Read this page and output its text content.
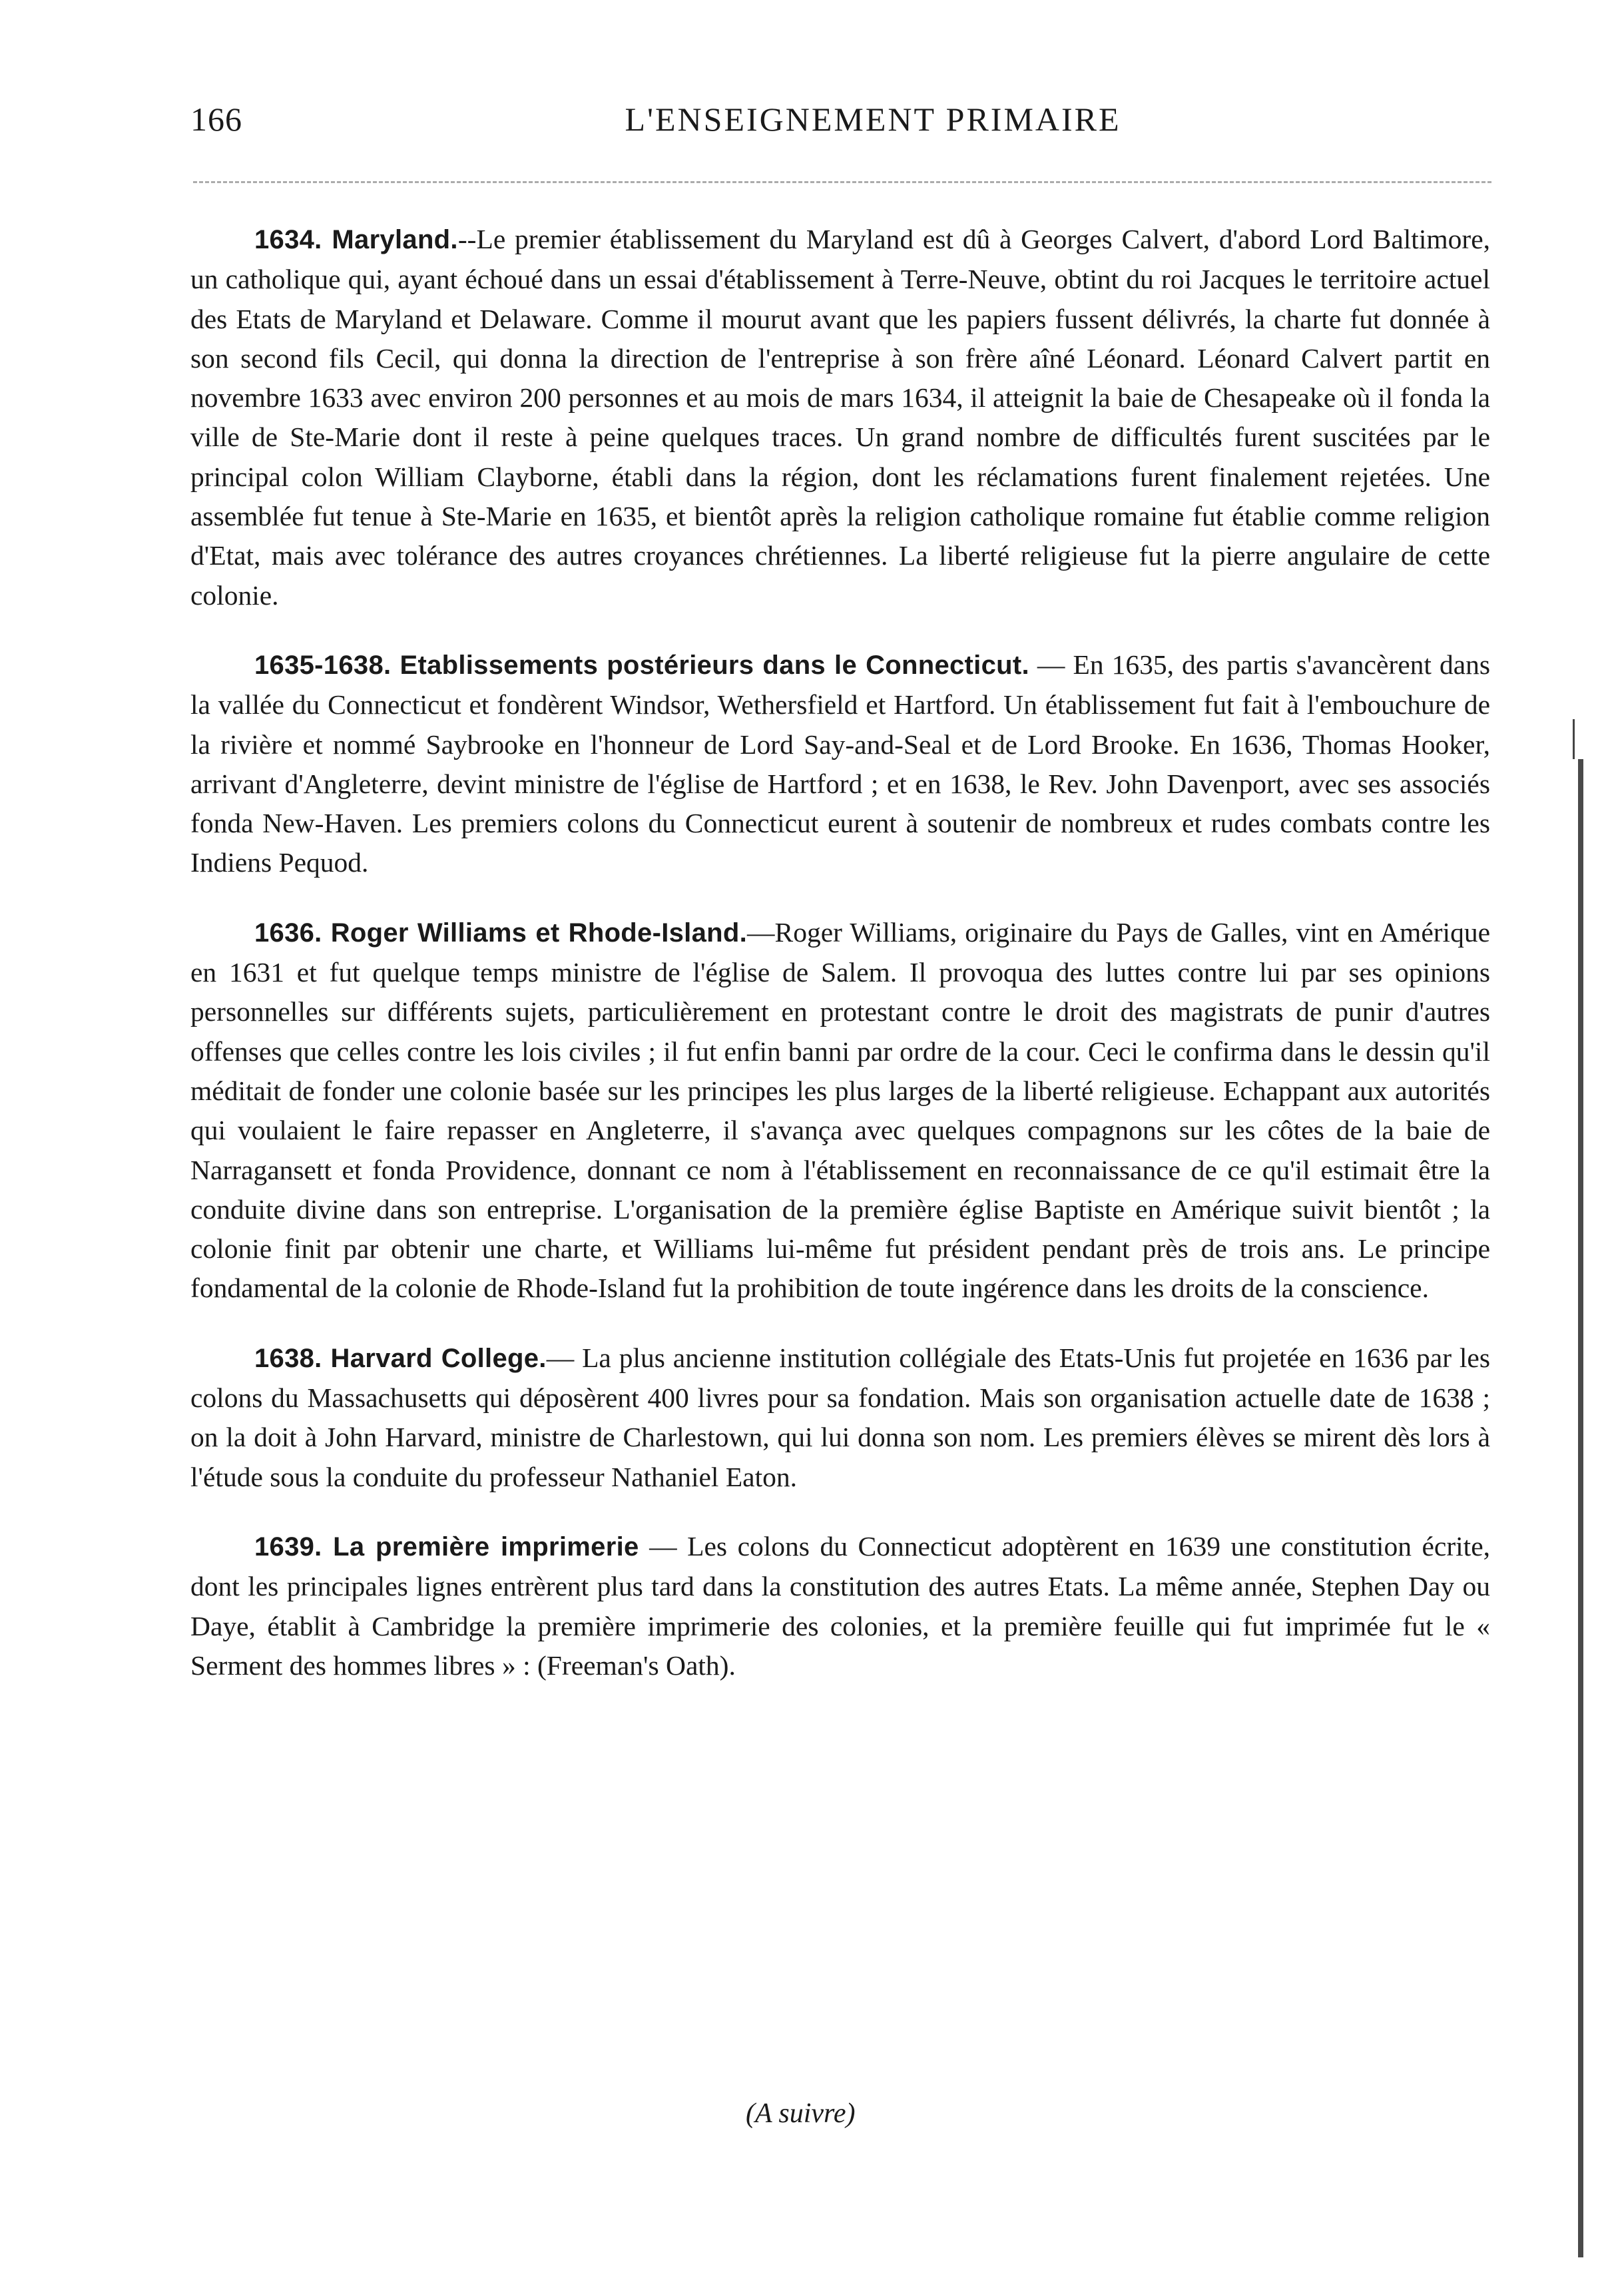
166	L'ENSEIGNEMENT PRIMAIRE

1634. Maryland.--Le premier établissement du Maryland est dû à Georges Calvert, d'abord Lord Baltimore, un catholique qui, ayant échoué dans un essai d'établissement à Terre-Neuve, obtint du roi Jacques le territoire actuel des Etats de Maryland et Delaware. Comme il mourut avant que les papiers fussent délivrés, la charte fut donnée à son second fils Cecil, qui donna la direction de l'entreprise à son frère aîné Léonard. Léonard Calvert partit en novembre 1633 avec environ 200 personnes et au mois de mars 1634, il atteignit la baie de Chesapeake où il fonda la ville de Ste-Marie dont il reste à peine quelques traces. Un grand nombre de difficultés furent suscitées par le principal colon William Clayborne, établi dans la région, dont les réclamations furent finalement rejetées. Une assemblée fut tenue à Ste-Marie en 1635, et bientôt après la religion catholique romaine fut établie comme religion d'Etat, mais avec tolérance des autres croyances chrétiennes. La liberté religieuse fut la pierre angulaire de cette colonie.

1635-1638. Etablissements postérieurs dans le Connecticut. — En 1635, des partis s'avancèrent dans la vallée du Connecticut et fondèrent Windsor, Wethersfield et Hartford. Un établissement fut fait à l'embouchure de la rivière et nommé Saybrooke en l'honneur de Lord Say-and-Seal et de Lord Brooke. En 1636, Thomas Hooker, arrivant d'Angleterre, devint ministre de l'église de Hartford ; et en 1638, le Rev. John Davenport, avec ses associés fonda New-Haven. Les premiers colons du Connecticut eurent à soutenir de nombreux et rudes combats contre les Indiens Pequod.

1636. Roger Williams et Rhode-Island.—Roger Williams, originaire du Pays de Galles, vint en Amérique en 1631 et fut quelque temps ministre de l'église de Salem. Il provoqua des luttes contre lui par ses opinions personnelles sur différents sujets, particulièrement en protestant contre le droit des magistrats de punir d'autres offenses que celles contre les lois civiles ; il fut enfin banni par ordre de la cour. Ceci le confirma dans le dessin qu'il méditait de fonder une colonie basée sur les principes les plus larges de la liberté religieuse. Echappant aux autorités qui voulaient le faire repasser en Angleterre, il s'avança avec quelques compagnons sur les côtes de la baie de Narragansett et fonda Providence, donnant ce nom à l'établissement en reconnaissance de ce qu'il estimait être la conduite divine dans son entreprise. L'organisation de la première église Baptiste en Amérique suivit bientôt ; la colonie finit par obtenir une charte, et Williams lui-même fut président pendant près de trois ans. Le principe fondamental de la colonie de Rhode-Island fut la prohibition de toute ingérence dans les droits de la conscience.

1638. Harvard College.— La plus ancienne institution collégiale des Etats-Unis fut projetée en 1636 par les colons du Massachusetts qui déposèrent 400 livres pour sa fondation. Mais son organisation actuelle date de 1638 ; on la doit à John Harvard, ministre de Charlestown, qui lui donna son nom. Les premiers élèves se mirent dès lors à l'étude sous la conduite du professeur Nathaniel Eaton.

1639. La première imprimerie — Les colons du Connecticut adoptèrent en 1639 une constitution écrite, dont les principales lignes entrèrent plus tard dans la constitution des autres Etats. La même année, Stephen Day ou Daye, établit à Cambridge la première imprimerie des colonies, et la première feuille qui fut imprimée fut le « Serment des hommes libres » : (Freeman's Oath).

(A suivre)
